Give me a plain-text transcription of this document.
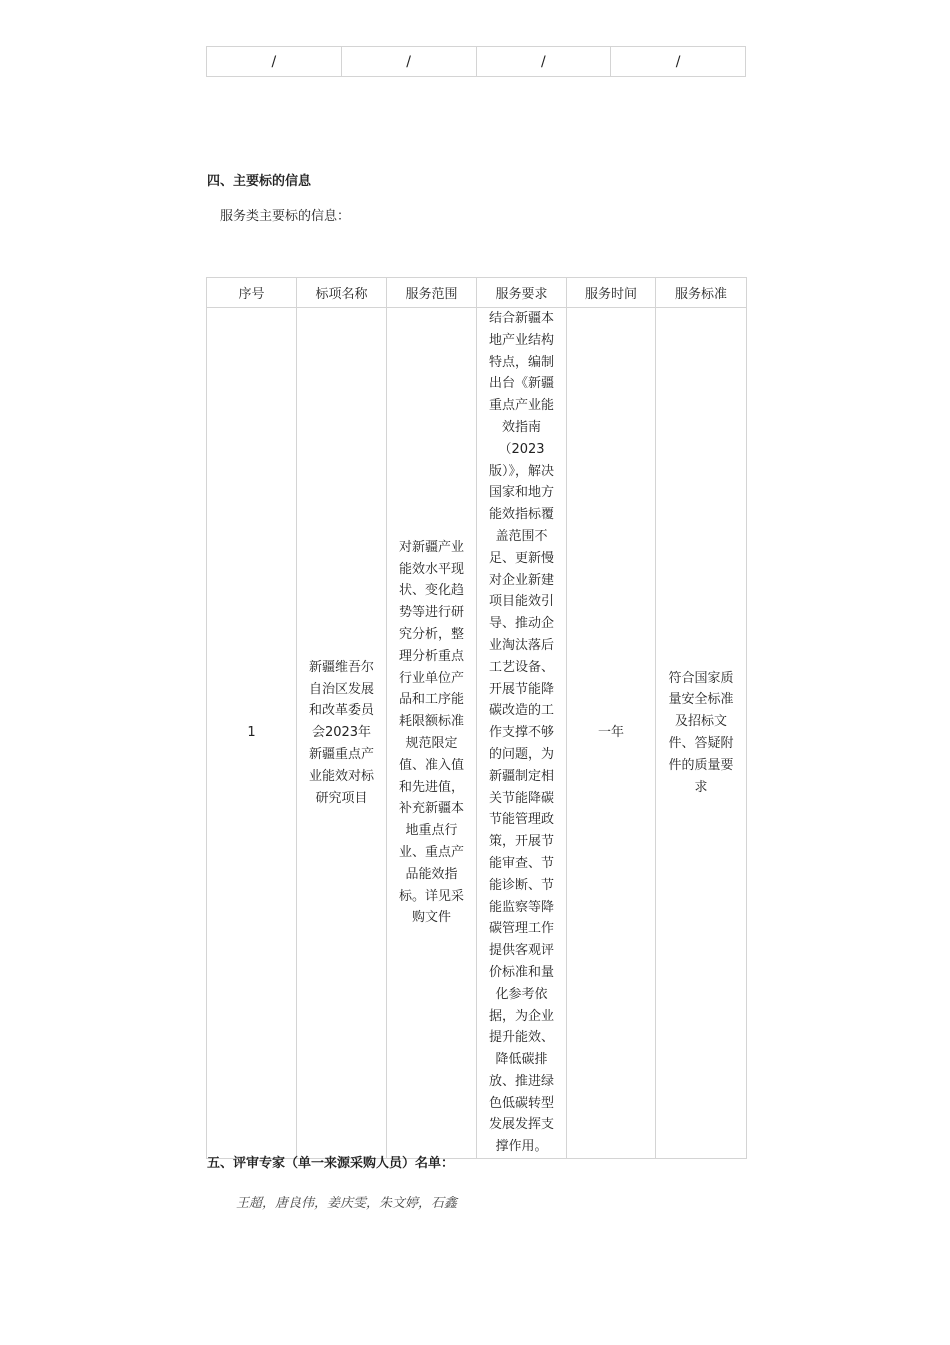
/	/	/	/
四、主要标的信息
服务类主要标的信息：
序号	标项名称	服务范围	服务要求	服务时间	服务标准

1	新疆维吾尔自治区发展和改革委员会2023年新疆重点产业能效对标研究项目	对新疆产业能效水平现状、变化趋势等进行研究分析，整理分析重点行业单位产品和工序能耗限额标准规范限定值、准入值和先进值，补充新疆本地重点行业、重点产品能效指标。详见采购文件	结合新疆本地产业结构特点，编制出台《新疆重点产业能效指南（2023版）》，解决国家和地方能效指标覆盖范围不足、更新慢对企业新建项目能效引导、推动企业淘汰落后工艺设备、开展节能降碳改造的工作支撑不够的问题，为新疆制定相关节能降碳节能管理政策，开展节能审查、节能诊断、节能监察等降碳管理工作提供客观评价标准和量化参考依据，为企业提升能效、降低碳排放、推进绿色低碳转型发展发挥支撑作用。	一年	符合国家质量安全标准及招标文件、答疑附件的质量要求
五、评审专家（单一来源采购人员）名单：
王超，唐良伟，姜庆雯，朱文婷，石鑫
